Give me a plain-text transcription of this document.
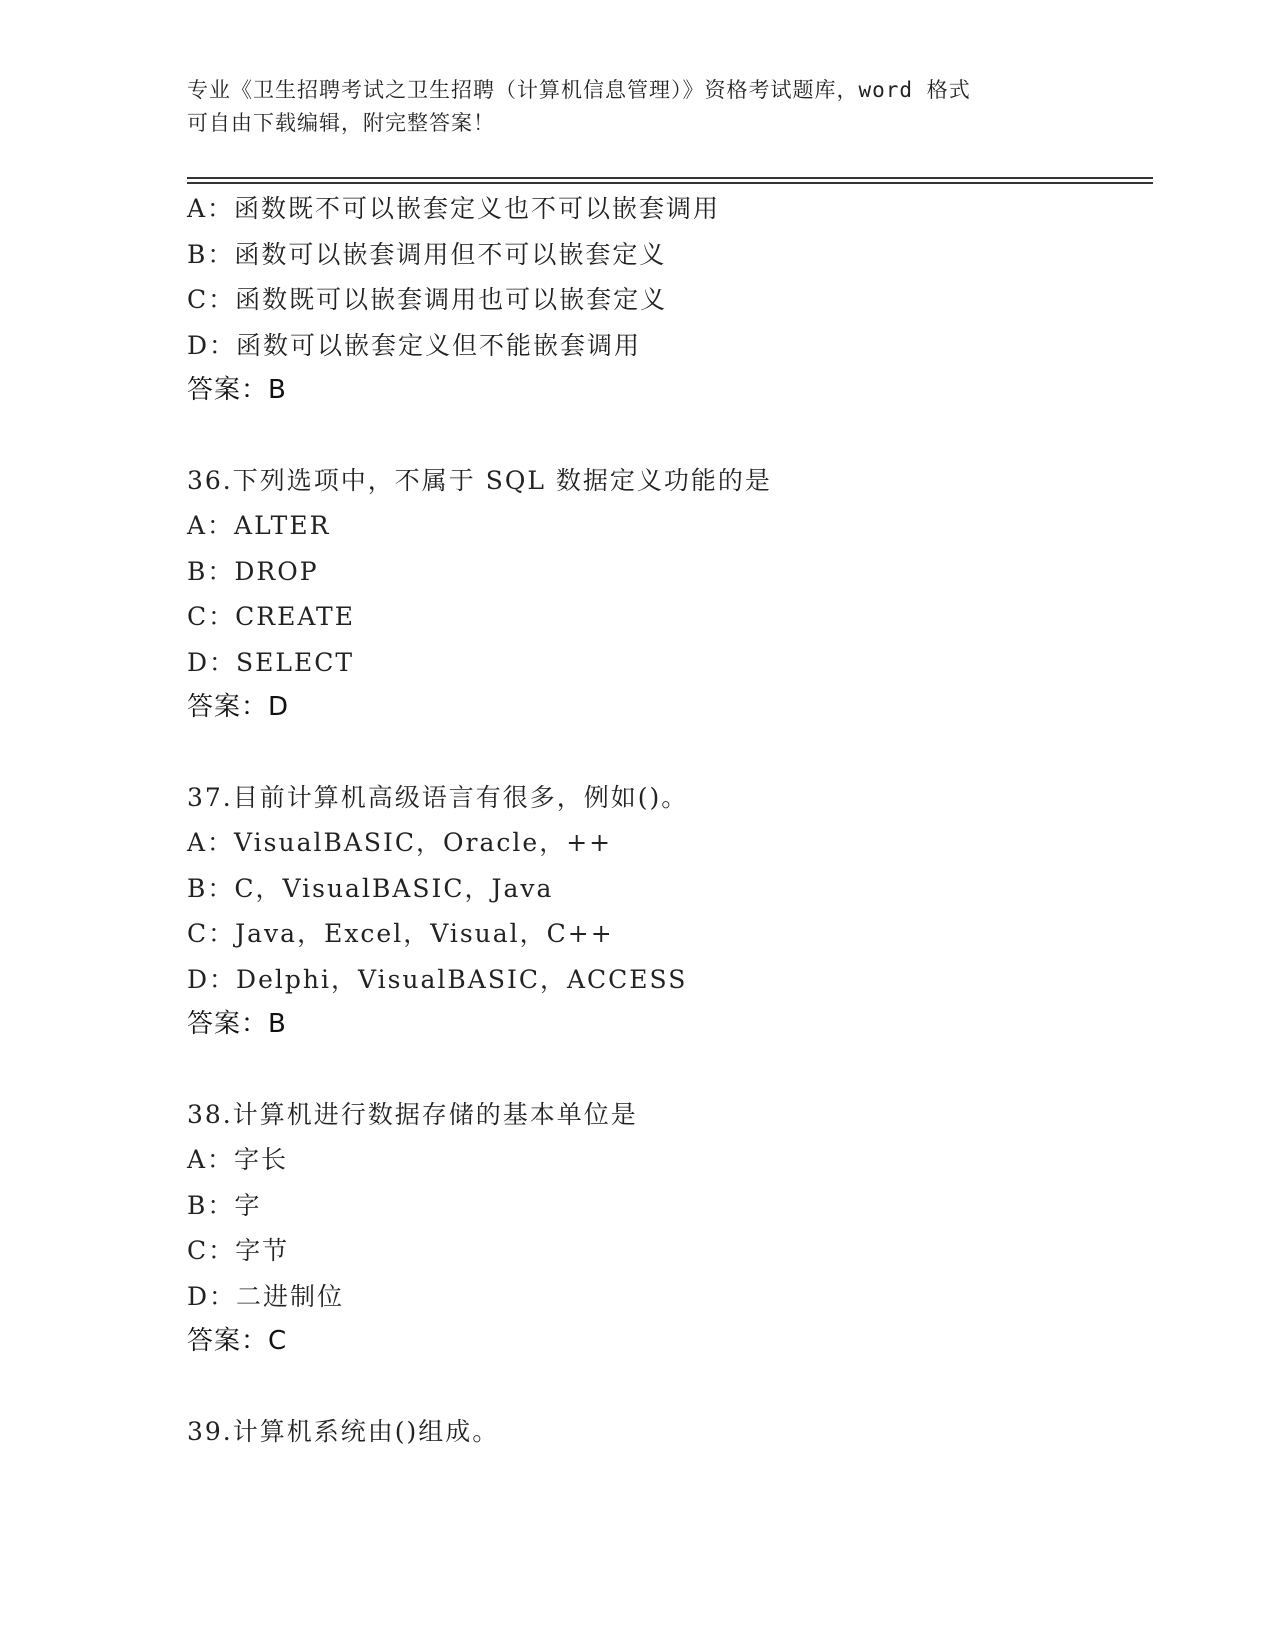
专业《卫生招聘考试之卫生招聘（计算机信息管理）》资格考试题库，word 格式
可自由下载编辑，附完整答案！
A：函数既不可以嵌套定义也不可以嵌套调用
B：函数可以嵌套调用但不可以嵌套定义
C：函数既可以嵌套调用也可以嵌套定义
D：函数可以嵌套定义但不能嵌套调用
答案：B
36.下列选项中，不属于 SQL 数据定义功能的是
A：ALTER
B：DROP
C：CREATE
D：SELECT
答案：D
37.目前计算机高级语言有很多，例如()。
A：VisualBASIC，Oracle，++
B：C，VisualBASIC，Java
C：Java，Excel，Visual，C++
D：Delphi，VisualBASIC，ACCESS
答案：B
38.计算机进行数据存储的基本单位是
A：字长
B：字
C：字节
D：二进制位
答案：C
39.计算机系统由()组成。
